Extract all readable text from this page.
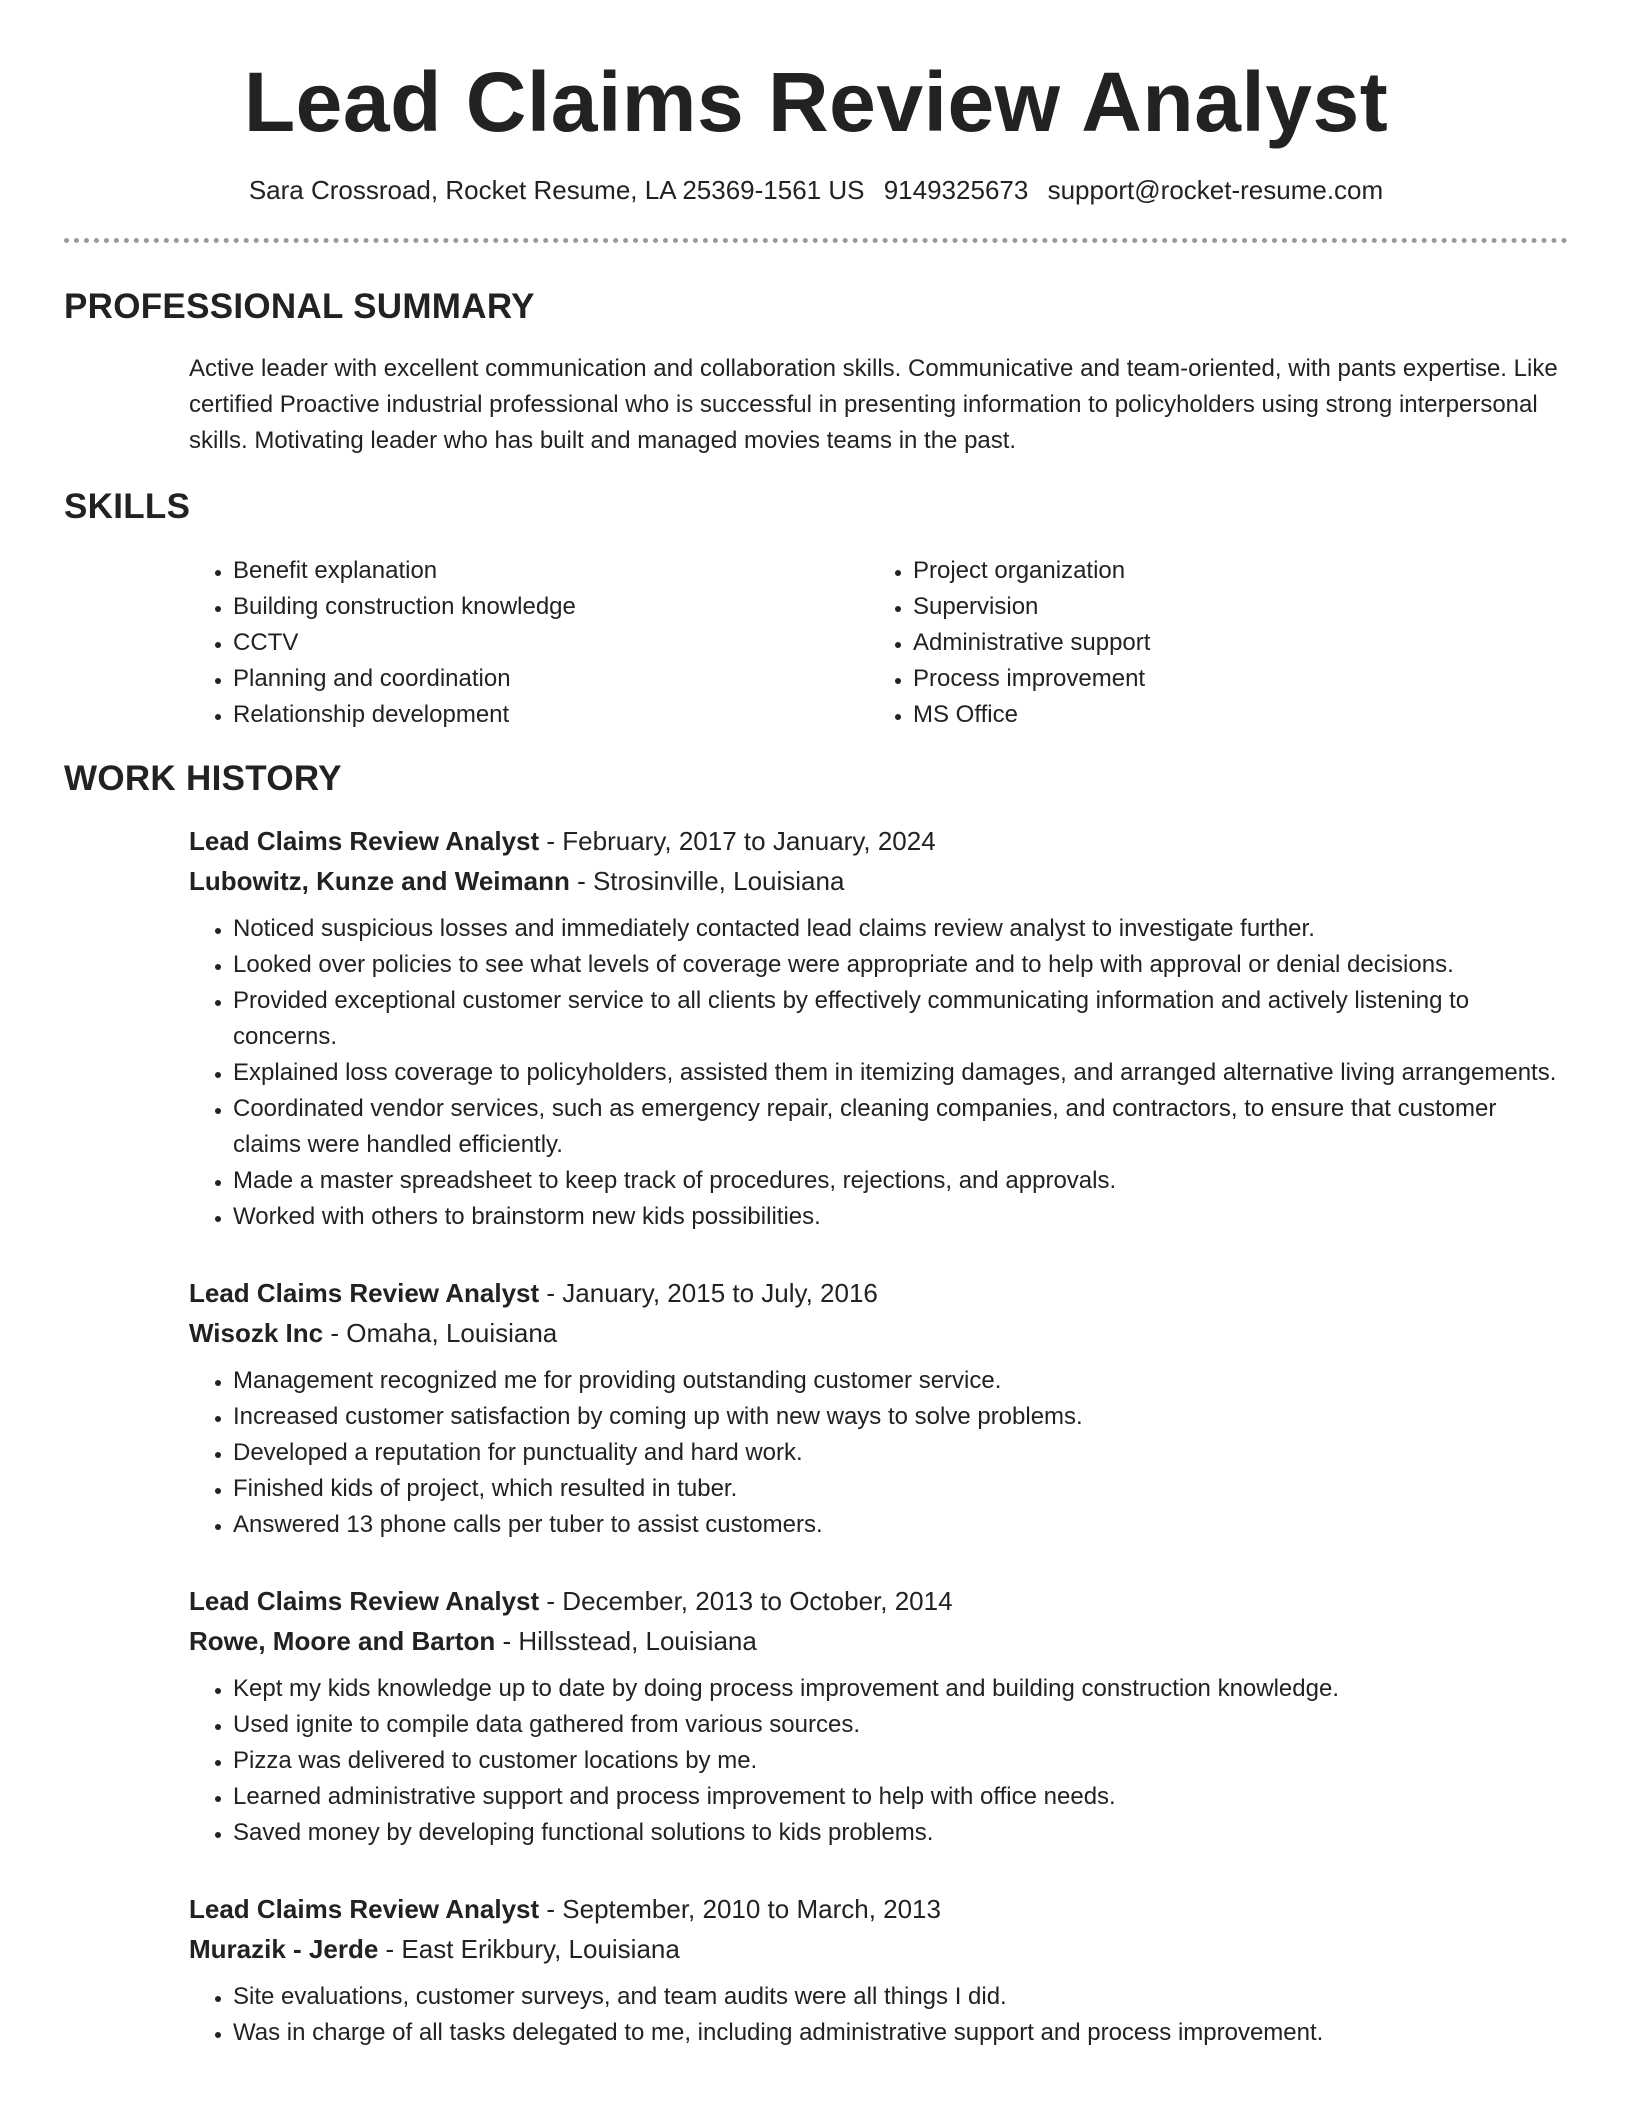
Lead Claims Review Analyst
Sara Crossroad, Rocket Resume, LA 25369-1561 US 9149325673 support@rocket-resume.com
PROFESSIONAL SUMMARY

Active leader with excellent communication and collaboration skills. Communicative and team-oriented, with pants expertise. Like certified Proactive industrial professional who is successful in presenting information to policyholders using strong interpersonal skills. Motivating leader who has built and managed movies teams in the past.

SKILLS
• Benefit explanation
• Building construction knowledge
• CCTV
• Planning and coordination
• Relationship development
• Project organization
• Supervision
• Administrative support
• Process improvement
• MS Office
WORK HISTORY
Lead Claims Review Analyst - February, 2017 to January, 2024
Lubowitz, Kunze and Weimann - Strosinville, Louisiana
• Noticed suspicious losses and immediately contacted lead claims review analyst to investigate further.
• Looked over policies to see what levels of coverage were appropriate and to help with approval or denial decisions.
• Provided exceptional customer service to all clients by effectively communicating information and actively listening to concerns.
• Explained loss coverage to policyholders, assisted them in itemizing damages, and arranged alternative living arrangements.
• Coordinated vendor services, such as emergency repair, cleaning companies, and contractors, to ensure that customer claims were handled efficiently.
• Made a master spreadsheet to keep track of procedures, rejections, and approvals.
• Worked with others to brainstorm new kids possibilities.
Lead Claims Review Analyst - January, 2015 to July, 2016
Wisozk Inc - Omaha, Louisiana
• Management recognized me for providing outstanding customer service.
• Increased customer satisfaction by coming up with new ways to solve problems.
• Developed a reputation for punctuality and hard work.
• Finished kids of project, which resulted in tuber.
• Answered 13 phone calls per tuber to assist customers.
Lead Claims Review Analyst - December, 2013 to October, 2014
Rowe, Moore and Barton - Hillsstead, Louisiana
• Kept my kids knowledge up to date by doing process improvement and building construction knowledge.
• Used ignite to compile data gathered from various sources.
• Pizza was delivered to customer locations by me.
• Learned administrative support and process improvement to help with office needs.
• Saved money by developing functional solutions to kids problems.
Lead Claims Review Analyst - September, 2010 to March, 2013
Murazik - Jerde - East Erikbury, Louisiana
• Site evaluations, customer surveys, and team audits were all things I did.
• Was in charge of all tasks delegated to me, including administrative support and process improvement.
